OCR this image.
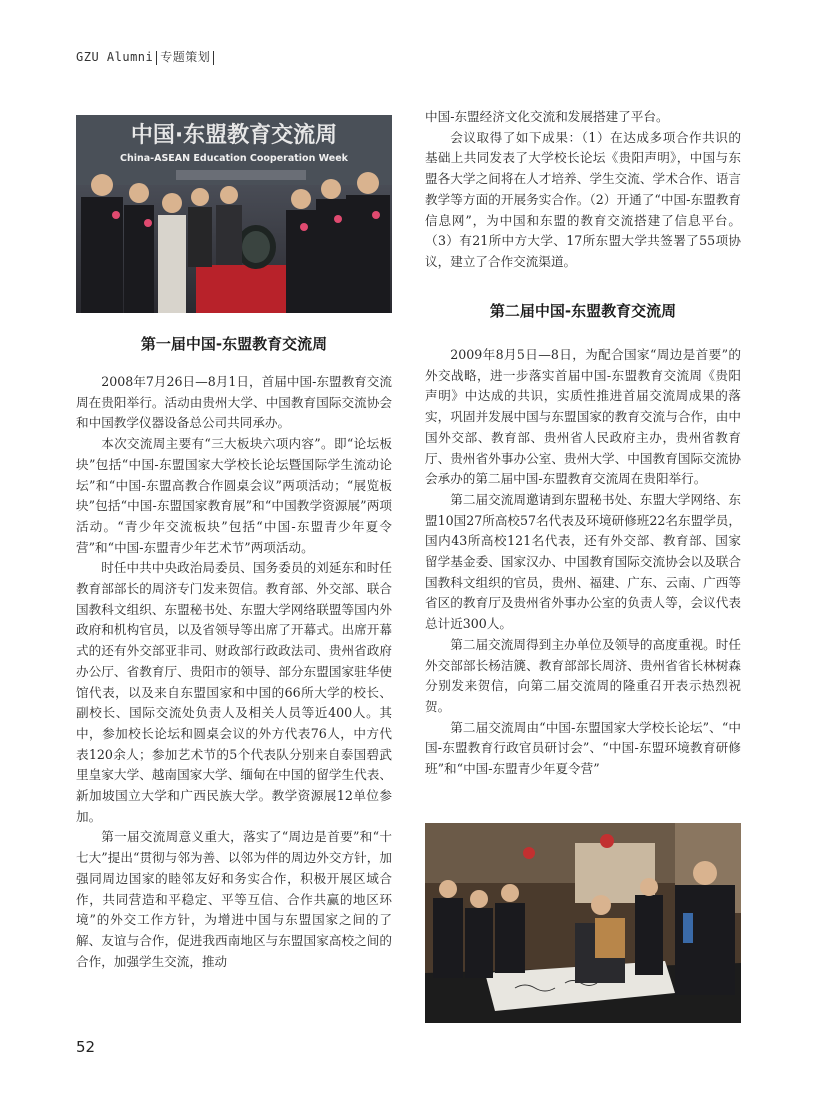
GZU Alumni 专题策划
中国·东盟教育交流周
China-ASEAN Education Cooperation Week
第一届中国-东盟教育交流周

2008年7月26日—8月1日，首届中国-东盟教育交流周在贵阳举行。活动由贵州大学、中国教育国际交流协会和中国教学仪器设备总公司共同承办。

本次交流周主要有“三大板块六项内容”。即“论坛板块”包括“中国-东盟国家大学校长论坛暨国际学生流动论坛”和“中国-东盟高教合作圆桌会议”两项活动；“展览板块”包括“中国-东盟国家教育展”和“中国教学资源展”两项活动。“青少年交流板块”包括“中国-东盟青少年夏令营”和“中国-东盟青少年艺术节”两项活动。

时任中共中央政治局委员、国务委员的刘延东和时任教育部部长的周济专门发来贺信。教育部、外交部、联合国教科文组织、东盟秘书处、东盟大学网络联盟等国内外政府和机构官员，以及省领导等出席了开幕式。出席开幕式的还有外交部亚非司、财政部行政政法司、贵州省政府办公厅、省教育厅、贵阳市的领导、部分东盟国家驻华使馆代表，以及来自东盟国家和中国的66所大学的校长、副校长、国际交流处负责人及相关人员等近400人。其中，参加校长论坛和圆桌会议的外方代表76人，中方代表120余人；参加艺术节的5个代表队分别来自泰国碧武里皇家大学、越南国家大学、缅甸在中国的留学生代表、新加坡国立大学和广西民族大学。教学资源展12单位参加。

第一届交流周意义重大，落实了“周边是首要”和“十七大”提出“贯彻与邻为善、以邻为伴的周边外交方针，加强同周边国家的睦邻友好和务实合作，积极开展区域合作，共同营造和平稳定、平等互信、合作共赢的地区环境”的外交工作方针，为增进中国与东盟国家之间的了解、友谊与合作，促进我西南地区与东盟国家高校之间的合作，加强学生交流，推动

中国-东盟经济文化交流和发展搭建了平台。

会议取得了如下成果：（1）在达成多项合作共识的基础上共同发表了大学校长论坛《贵阳声明》，中国与东盟各大学之间将在人才培养、学生交流、学术合作、语言教学等方面的开展务实合作。（2）开通了“中国-东盟教育信息网”，为中国和东盟的教育交流搭建了信息平台。（3）有21所中方大学、17所东盟大学共签署了55项协议，建立了合作交流渠道。

第二届中国-东盟教育交流周

2009年8月5日—8日，为配合国家“周边是首要”的外交战略，进一步落实首届中国-东盟教育交流周《贵阳声明》中达成的共识，实质性推进首届交流周成果的落实，巩固并发展中国与东盟国家的教育交流与合作，由中国外交部、教育部、贵州省人民政府主办，贵州省教育厅、贵州省外事办公室、贵州大学、中国教育国际交流协会承办的第二届中国-东盟教育交流周在贵阳举行。

第二届交流周邀请到东盟秘书处、东盟大学网络、东盟10国27所高校57名代表及环境研修班22名东盟学员，国内43所高校121名代表，还有外交部、教育部、国家留学基金委、国家汉办、中国教育国际交流协会以及联合国教科文组织的官员，贵州、福建、广东、云南、广西等省区的教育厅及贵州省外事办公室的负责人等，会议代表总计近300人。

第二届交流周得到主办单位及领导的高度重视。时任外交部部长杨洁篪、教育部部长周济、贵州省省长林树森分别发来贺信，向第二届交流周的隆重召开表示热烈祝贺。

第二届交流周由“中国-东盟国家大学校长论坛”、“中国-东盟教育行政官员研讨会”、“中国-东盟环境教育研修班”和“中国-东盟青少年夏令营”

52
